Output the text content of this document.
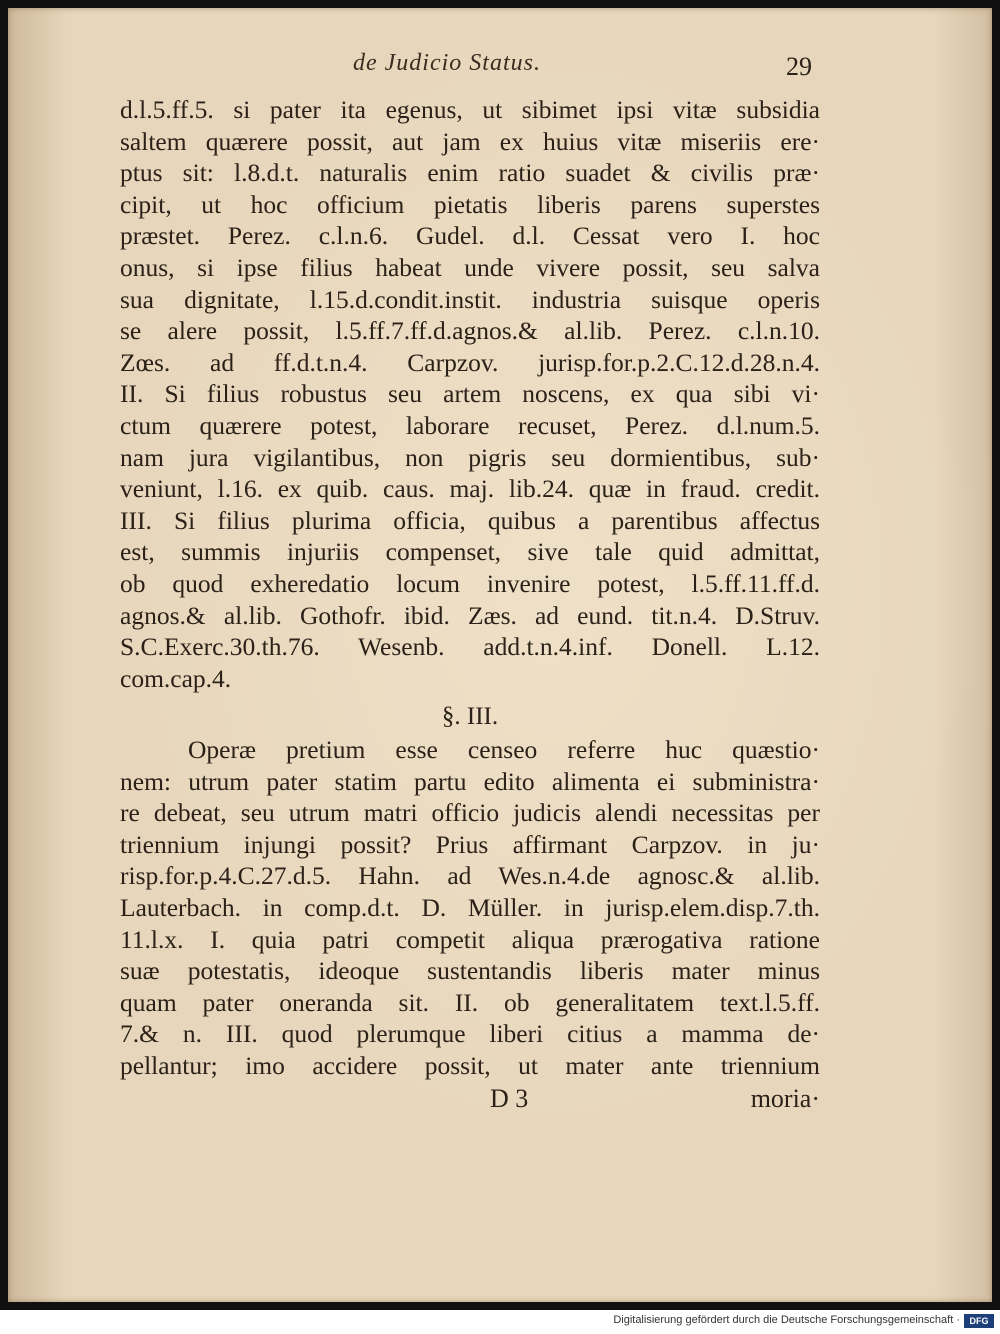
de Judicio Status.	29
d.l.5.ff.5. si pater ita egenus, ut sibimet ipsi vitæ subsidia
saltem quærere possit, aut jam ex huius vitæ miseriis ere·
ptus sit: l.8.d.t. naturalis enim ratio suadet & civilis præ·
cipit, ut hoc officium pietatis liberis parens superstes
præstet. Perez. c.l.n.6. Gudel. d.l. Cessat vero I. hoc
onus, si ipse filius habeat unde vivere possit, seu salva
sua dignitate, l.15.d.condit.instit. industria suisque operis
se alere possit, l.5.ff.7.ff.d.agnos.& al.lib. Perez. c.l.n.10.
Zœs. ad ff.d.t.n.4. Carpzov. jurisp.for.p.2.C.12.d.28.n.4.
II. Si filius robustus seu artem noscens, ex qua sibi vi·
ctum quærere potest, laborare recuset, Perez. d.l.num.5.
nam jura vigilantibus, non pigris seu dormientibus, sub·
veniunt, l.16. ex quib. caus. maj. lib.24. quæ in fraud. credit.
III. Si filius plurima officia, quibus a parentibus affectus
est, summis injuriis compenset, sive tale quid admittat,
ob quod exheredatio locum invenire potest, l.5.ff.11.ff.d.
agnos.& al.lib. Gothofr. ibid. Zæs. ad eund. tit.n.4. D.Struv.
S.C.Exerc.30.th.76. Wesenb. add.t.n.4.inf. Donell. L.12.
com.cap.4.
§. III.
Operæ pretium esse censeo referre huc quæstio·
nem: utrum pater statim partu edito alimenta ei subministra·
re debeat, seu utrum matri officio judicis alendi necessitas per
triennium injungi possit? Prius affirmant Carpzov. in ju·
risp.for.p.4.C.27.d.5. Hahn. ad Wes.n.4.de agnosc.& al.lib.
Lauterbach. in comp.d.t. D. Müller. in jurisp.elem.disp.7.th.
11.l.x. I. quia patri competit aliqua prærogativa ratione
suæ potestatis, ideoque sustentandis liberis mater minus
quam pater oneranda sit. II. ob generalitatem text.l.5.ff.
7.& n. III. quod plerumque liberi citius a mamma de·
pellantur; imo accidere possit, ut mater ante triennium
D 3	moria·
Digitalisierung gefördert durch die Deutsche Forschungsgemeinschaft ·	DFG
